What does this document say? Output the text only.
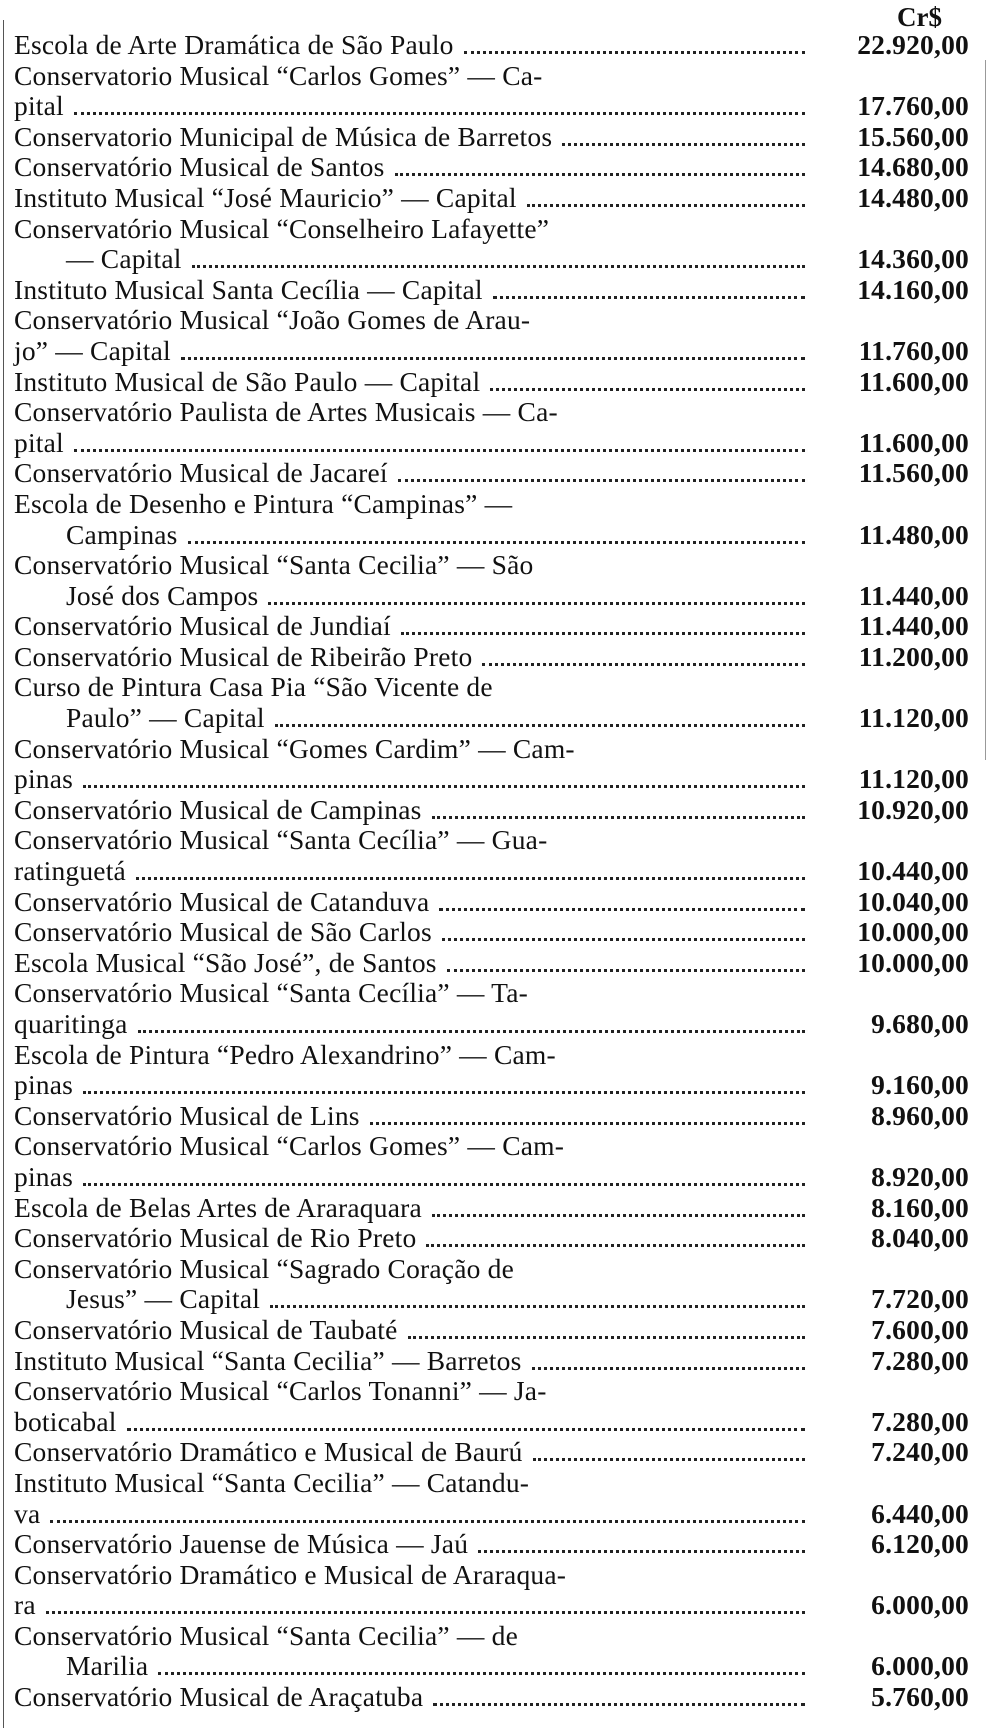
Cr$
Escola de Arte Dramática de São Paulo	22.920,00
Conservatorio Musical “Carlos Gomes” — Ca-
pital	17.760,00
Conservatorio Municipal de Música de Barretos	15.560,00
Conservatório Musical de Santos	14.680,00
Instituto Musical “José Mauricio” — Capital	14.480,00
Conservatório Musical “Conselheiro Lafayette”
— Capital	14.360,00
Instituto Musical Santa Cecília — Capital	14.160,00
Conservatório Musical “João Gomes de Arau-
jo” — Capital	11.760,00
Instituto Musical de São Paulo — Capital	11.600,00
Conservatório Paulista de Artes Musicais — Ca-
pital	11.600,00
Conservatório Musical de Jacareí	11.560,00
Escola de Desenho e Pintura “Campinas” —
Campinas	11.480,00
Conservatório Musical “Santa Cecilia” — São
José dos Campos	11.440,00
Conservatório Musical de Jundiaí	11.440,00
Conservatório Musical de Ribeirão Preto	11.200,00
Curso de Pintura Casa Pia “São Vicente de
Paulo” — Capital	11.120,00
Conservatório Musical “Gomes Cardim” — Cam-
pinas	11.120,00
Conservatório Musical de Campinas	10.920,00
Conservatório Musical “Santa Cecília” — Gua-
ratinguetá	10.440,00
Conservatório Musical de Catanduva	10.040,00
Conservatório Musical de São Carlos	10.000,00
Escola Musical “São José”, de Santos	10.000,00
Conservatório Musical “Santa Cecília” — Ta-
quaritinga	9.680,00
Escola de Pintura “Pedro Alexandrino” — Cam-
pinas	9.160,00
Conservatório Musical de Lins	8.960,00
Conservatório Musical “Carlos Gomes” — Cam-
pinas	8.920,00
Escola de Belas Artes de Araraquara	8.160,00
Conservatório Musical de Rio Preto	8.040,00
Conservatório Musical “Sagrado Coração de
Jesus” — Capital	7.720,00
Conservatório Musical de Taubaté	7.600,00
Instituto Musical “Santa Cecilia” — Barretos	7.280,00
Conservatório Musical “Carlos Tonanni” — Ja-
boticabal	7.280,00
Conservatório Dramático e Musical de Baurú	7.240,00
Instituto Musical “Santa Cecilia” — Catandu-
va	6.440,00
Conservatório Jauense de Música — Jaú	6.120,00
Conservatório Dramático e Musical de Araraqua-
ra	6.000,00
Conservatório Musical “Santa Cecilia” — de
Marilia	6.000,00
Conservatório Musical de Araçatuba	5.760,00
